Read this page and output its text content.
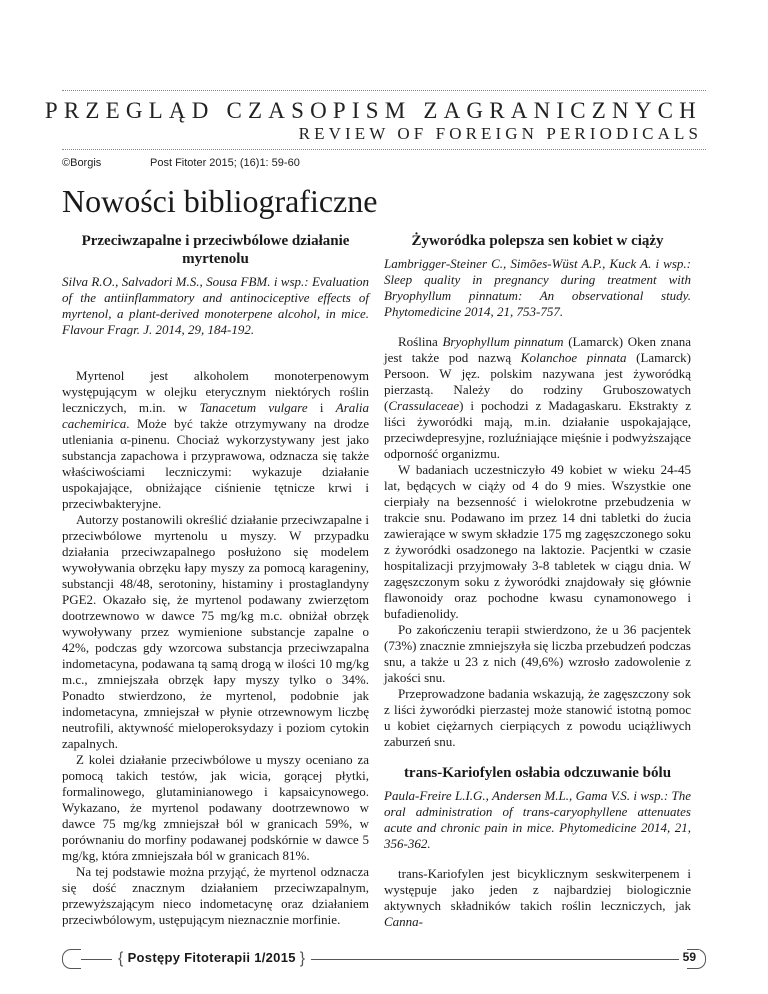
PRZEGLĄD CZASOPISM ZAGRANICZNYCH
REVIEW OF FOREIGN PERIODICALS
©Borgis	Post Fitoter 2015; (16)1: 59-60
Nowości bibliograficzne
Przeciwzapalne i przeciwbólowe działanie myrtenolu

Silva R.O., Salvadori M.S., Sousa FBM. i wsp.: Evaluation of the antiinflammatory and antinociceptive effects of myrtenol, a plant-derived monoterpene alcohol, in mice. Flavour Fragr. J. 2014, 29, 184-192.

Myrtenol jest alkoholem monoterpenowym występującym w olejku eterycznym niektórych roślin leczniczych, m.in. w Tanacetum vulgare i Aralia cachemirica. Może być także otrzymywany na drodze utleniania α-pinenu. Chociaż wykorzystywany jest jako substancja zapachowa i przyprawowa, odznacza się także właściwościami leczniczymi: wykazuje działanie uspokajające, obniżające ciśnienie tętnicze krwi i przeciwbakteryjne.

Autorzy postanowili określić działanie przeciwzapalne i przeciwbólowe myrtenolu u myszy. W przypadku działania przeciwzapalnego posłużono się modelem wywoływania obrzęku łapy myszy za pomocą karageniny, substancji 48/48, serotoniny, histaminy i prostaglandyny PGE2. Okazało się, że myrtenol podawany zwierzętom dootrzewnowo w dawce 75 mg/kg m.c. obniżał obrzęk wywoływany przez wymienione substancje zapalne o 42%, podczas gdy wzorcowa substancja przeciwzapalna indometacyna, podawana tą samą drogą w ilości 10 mg/kg m.c., zmniejszała obrzęk łapy myszy tylko o 34%. Ponadto stwierdzono, że myrtenol, podobnie jak indometacyna, zmniejszał w płynie otrzewnowym liczbę neutrofili, aktywność mieloperoksydazy i poziom cytokin zapalnych.

Z kolei działanie przeciwbólowe u myszy oceniano za pomocą takich testów, jak wicia, gorącej płytki, formalinowego, glutaminianowego i kapsaicynowego. Wykazano, że myrtenol podawany dootrzewnowo w dawce 75 mg/kg zmniejszał ból w granicach 59%, w porównaniu do morfiny podawanej podskórnie w dawce 5 mg/kg, która zmniejszała ból w granicach 81%.

Na tej podstawie można przyjąć, że myrtenol odznacza się dość znacznym działaniem przeciwzapalnym, przewyższającym nieco indometacynę oraz działaniem przeciwbólowym, ustępującym nieznacznie morfinie.

Żyworódka polepsza sen kobiet w ciąży

Lambrigger-Steiner C., Simões-Wüst A.P., Kuck A. i wsp.: Sleep quality in pregnancy during treatment with Bryophyllum pinnatum: An observational study. Phytomedicine 2014, 21, 753-757.

Roślina Bryophyllum pinnatum (Lamarck) Oken znana jest także pod nazwą Kolanchoe pinnata (Lamarck) Persoon. W jęz. polskim nazywana jest żyworódką pierzastą. Należy do rodziny Gruboszowatych (Crassulaceae) i pochodzi z Madagaskaru. Ekstrakty z liści żyworódki mają, m.in. działanie uspokajające, przeciwdepresyjne, rozluźniające mięśnie i podwyższające odporność organizmu.

W badaniach uczestniczyło 49 kobiet w wieku 24-45 lat, będących w ciąży od 4 do 9 mies. Wszystkie one cierpiały na bezsenność i wielokrotne przebudzenia w trakcie snu. Podawano im przez 14 dni tabletki do żucia zawierające w swym składzie 175 mg zagęszczonego soku z żyworódki osadzonego na laktozie. Pacjentki w czasie hospitalizacji przyjmowały 3-8 tabletek w ciągu dnia. W zagęszczonym soku z żyworódki znajdowały się głównie flawonoidy oraz pochodne kwasu cynamonowego i bufadienolidy.

Po zakończeniu terapii stwierdzono, że u 36 pacjentek (73%) znacznie zmniejszyła się liczba przebudzeń podczas snu, a także u 23 z nich (49,6%) wzrosło zadowolenie z jakości snu.

Przeprowadzone badania wskazują, że zagęszczony sok z liści żyworódki pierzastej może stanowić istotną pomoc u kobiet ciężarnych cierpiących z powodu uciążliwych zaburzeń snu.

trans-Kariofylen osłabia odczuwanie bólu

Paula-Freire L.I.G., Andersen M.L., Gama V.S. i wsp.: The oral administration of trans-caryophyllene attenuates acute and chronic pain in mice. Phytomedicine 2014, 21, 356-362.

trans-Kariofylen jest bicyklicznym seskwiterpenem i występuje jako jeden z najbardziej biologicznie aktywnych składników takich roślin leczniczych, jak Canna-

{ Postępy Fitoterapii 1/2015 }	59
